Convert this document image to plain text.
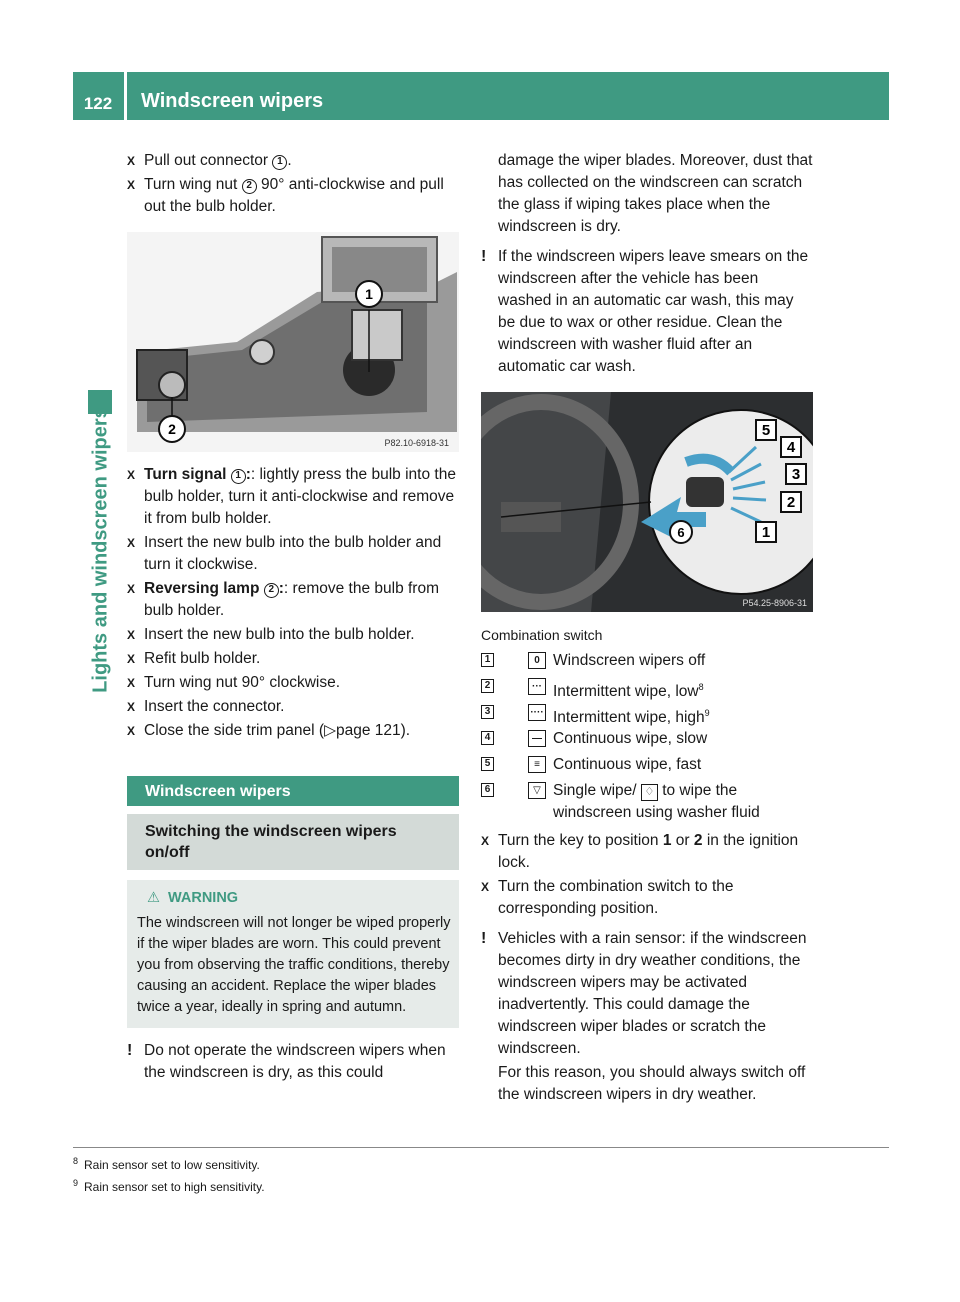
122	Windscreen wipers
Lights and windscreen wipers
X Pull out connector 1 .
X Turn wing nut 2 90° anti-clockwise and pull out the bulb holder.
1
2
P82.10-6918-31
X Turn signal 1 :: lightly press the bulb into the bulb holder, turn it anti-clockwise and remove it from bulb holder.
X Insert the new bulb into the bulb holder and turn it clockwise.
X Reversing lamp 2 :: remove the bulb from bulb holder.
X Insert the new bulb into the bulb holder.
X Refit bulb holder.
X Turn wing nut 90° clockwise.
X Insert the connector.
X Close the side trim panel (▷page 121).
Windscreen wipers
Switching the windscreen wipers on/off
⚠ WARNING
The windscreen will not longer be wiped properly if the wiper blades are worn. This could prevent you from observing the traffic conditions, thereby causing an accident. Replace the wiper blades twice a year, ideally in spring and autumn.
! Do not operate the windscreen wipers when the windscreen is dry, as this could
damage the wiper blades. Moreover, dust that has collected on the windscreen can scratch the glass if wiping takes place when the windscreen is dry.
! If the windscreen wipers leave smears on the windscreen after the vehicle has been washed in an automatic car wash, this may be due to wax or other residue. Clean the windscreen with washer fluid after an automatic car wash.
5
4
3
2
1
6
P54.25-8906-31
Combination switch
1	0 Windscreen wipers off
2	··· Intermittent wipe, low$^8$
3	···· Intermittent wipe, high$^9$
4	— Continuous wipe, slow
5	≡ Continuous wipe, fast
6	▽ Single wipe/ ♢ to wipe the windscreen using washer fluid
X Turn the key to position 1 or 2 in the ignition lock.
X Turn the combination switch to the corresponding position.
! Vehicles with a rain sensor: if the windscreen becomes dirty in dry weather conditions, the windscreen wipers may be activated inadvertently. This could damage the windscreen wiper blades or scratch the windscreen.
For this reason, you should always switch off the windscreen wipers in dry weather.
$^8$ Rain sensor set to low sensitivity.
$^9$ Rain sensor set to high sensitivity.
